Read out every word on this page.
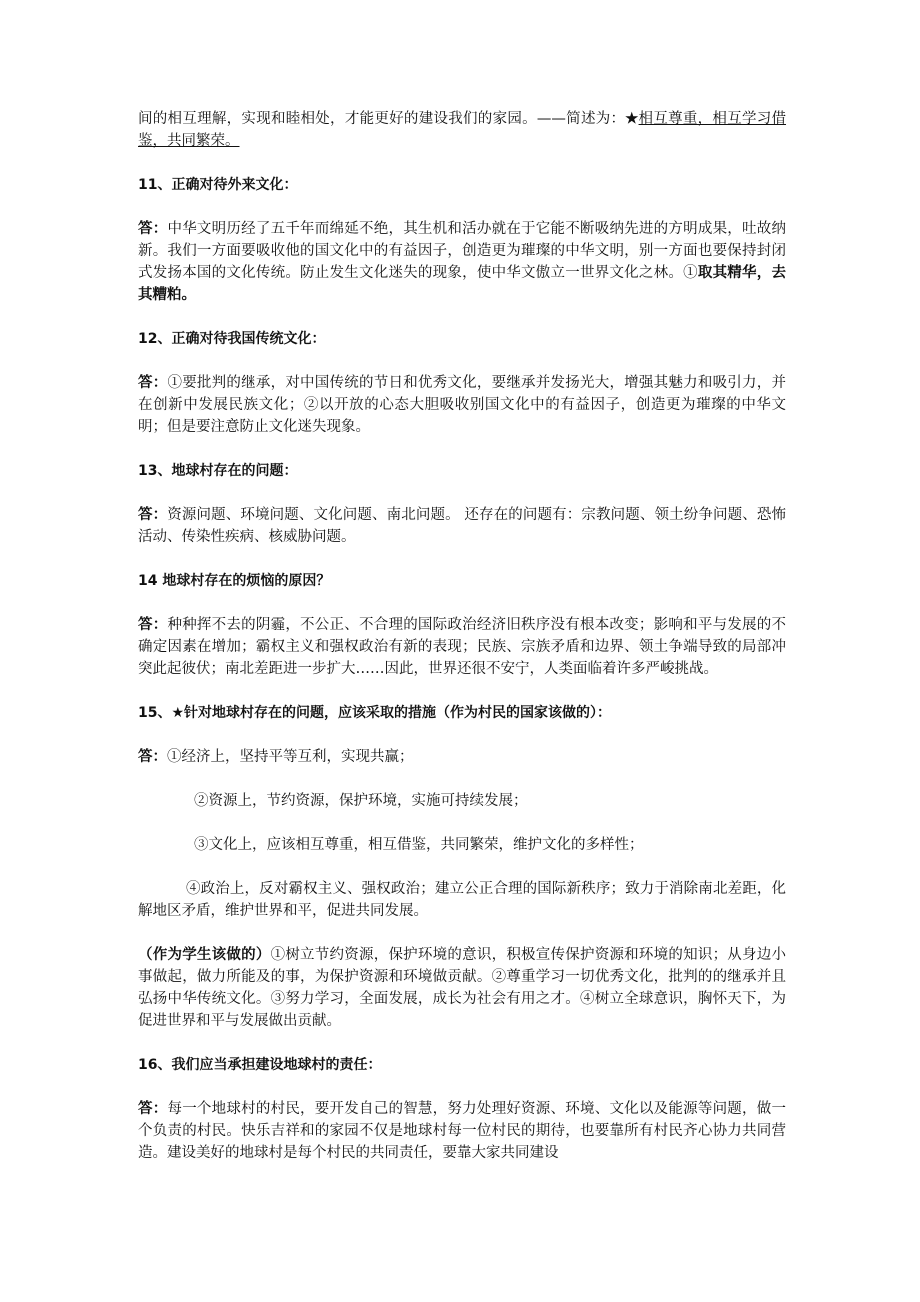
间的相互理解，实现和睦相处，才能更好的建设我们的家园。——简述为：★相互尊重，相互学习借鉴，共同繁荣。

11、正确对待外来文化：

答：中华文明历经了五千年而绵延不绝，其生机和活办就在于它能不断吸纳先进的方明成果，吐故纳新。我们一方面要吸收他的国文化中的有益因子，创造更为璀璨的中华文明，别一方面也要保持封闭式发扬本国的文化传统。防止发生文化迷失的现象，使中华文傲立一世界文化之林。①取其精华，去其糟粕。

12、正确对待我国传统文化：

答：①要批判的继承，对中国传统的节日和优秀文化，要继承并发扬光大，增强其魅力和吸引力，并在创新中发展民族文化；②以开放的心态大胆吸收别国文化中的有益因子，创造更为璀璨的中华文明；但是要注意防止文化迷失现象。

13、地球村存在的问题：

答：资源问题、环境问题、文化问题、南北问题。 还存在的问题有：宗教问题、领土纷争问题、恐怖活动、传染性疾病、核威胁问题。

14 地球村存在的烦恼的原因？

答：种种挥不去的阴霾，不公正、不合理的国际政治经济旧秩序没有根本改变；影响和平与发展的不确定因素在增加；霸权主义和强权政治有新的表现；民族、宗族矛盾和边界、领土争端导致的局部冲突此起彼伏；南北差距进一步扩大……因此，世界还很不安宁，人类面临着许多严峻挑战。

15、★针对地球村存在的问题，应该采取的措施（作为村民的国家该做的）：

答：①经济上，坚持平等互利，实现共赢；

②资源上，节约资源，保护环境，实施可持续发展；

③文化上，应该相互尊重，相互借鉴，共同繁荣，维护文化的多样性；

④政治上，反对霸权主义、强权政治；建立公正合理的国际新秩序；致力于消除南北差距，化解地区矛盾，维护世界和平，促进共同发展。

（作为学生该做的）①树立节约资源，保护环境的意识，积极宣传保护资源和环境的知识；从身边小事做起，做力所能及的事，为保护资源和环境做贡献。②尊重学习一切优秀文化，批判的的继承并且弘扬中华传统文化。③努力学习，全面发展，成长为社会有用之才。④树立全球意识，胸怀天下，为促进世界和平与发展做出贡献。

16、我们应当承担建设地球村的责任：

答：每一个地球村的村民，要开发自己的智慧，努力处理好资源、环境、文化以及能源等问题，做一个负责的村民。快乐吉祥和的家园不仅是地球村每一位村民的期待，也要靠所有村民齐心协力共同营造。建设美好的地球村是每个村民的共同责任，要靠大家共同建设
